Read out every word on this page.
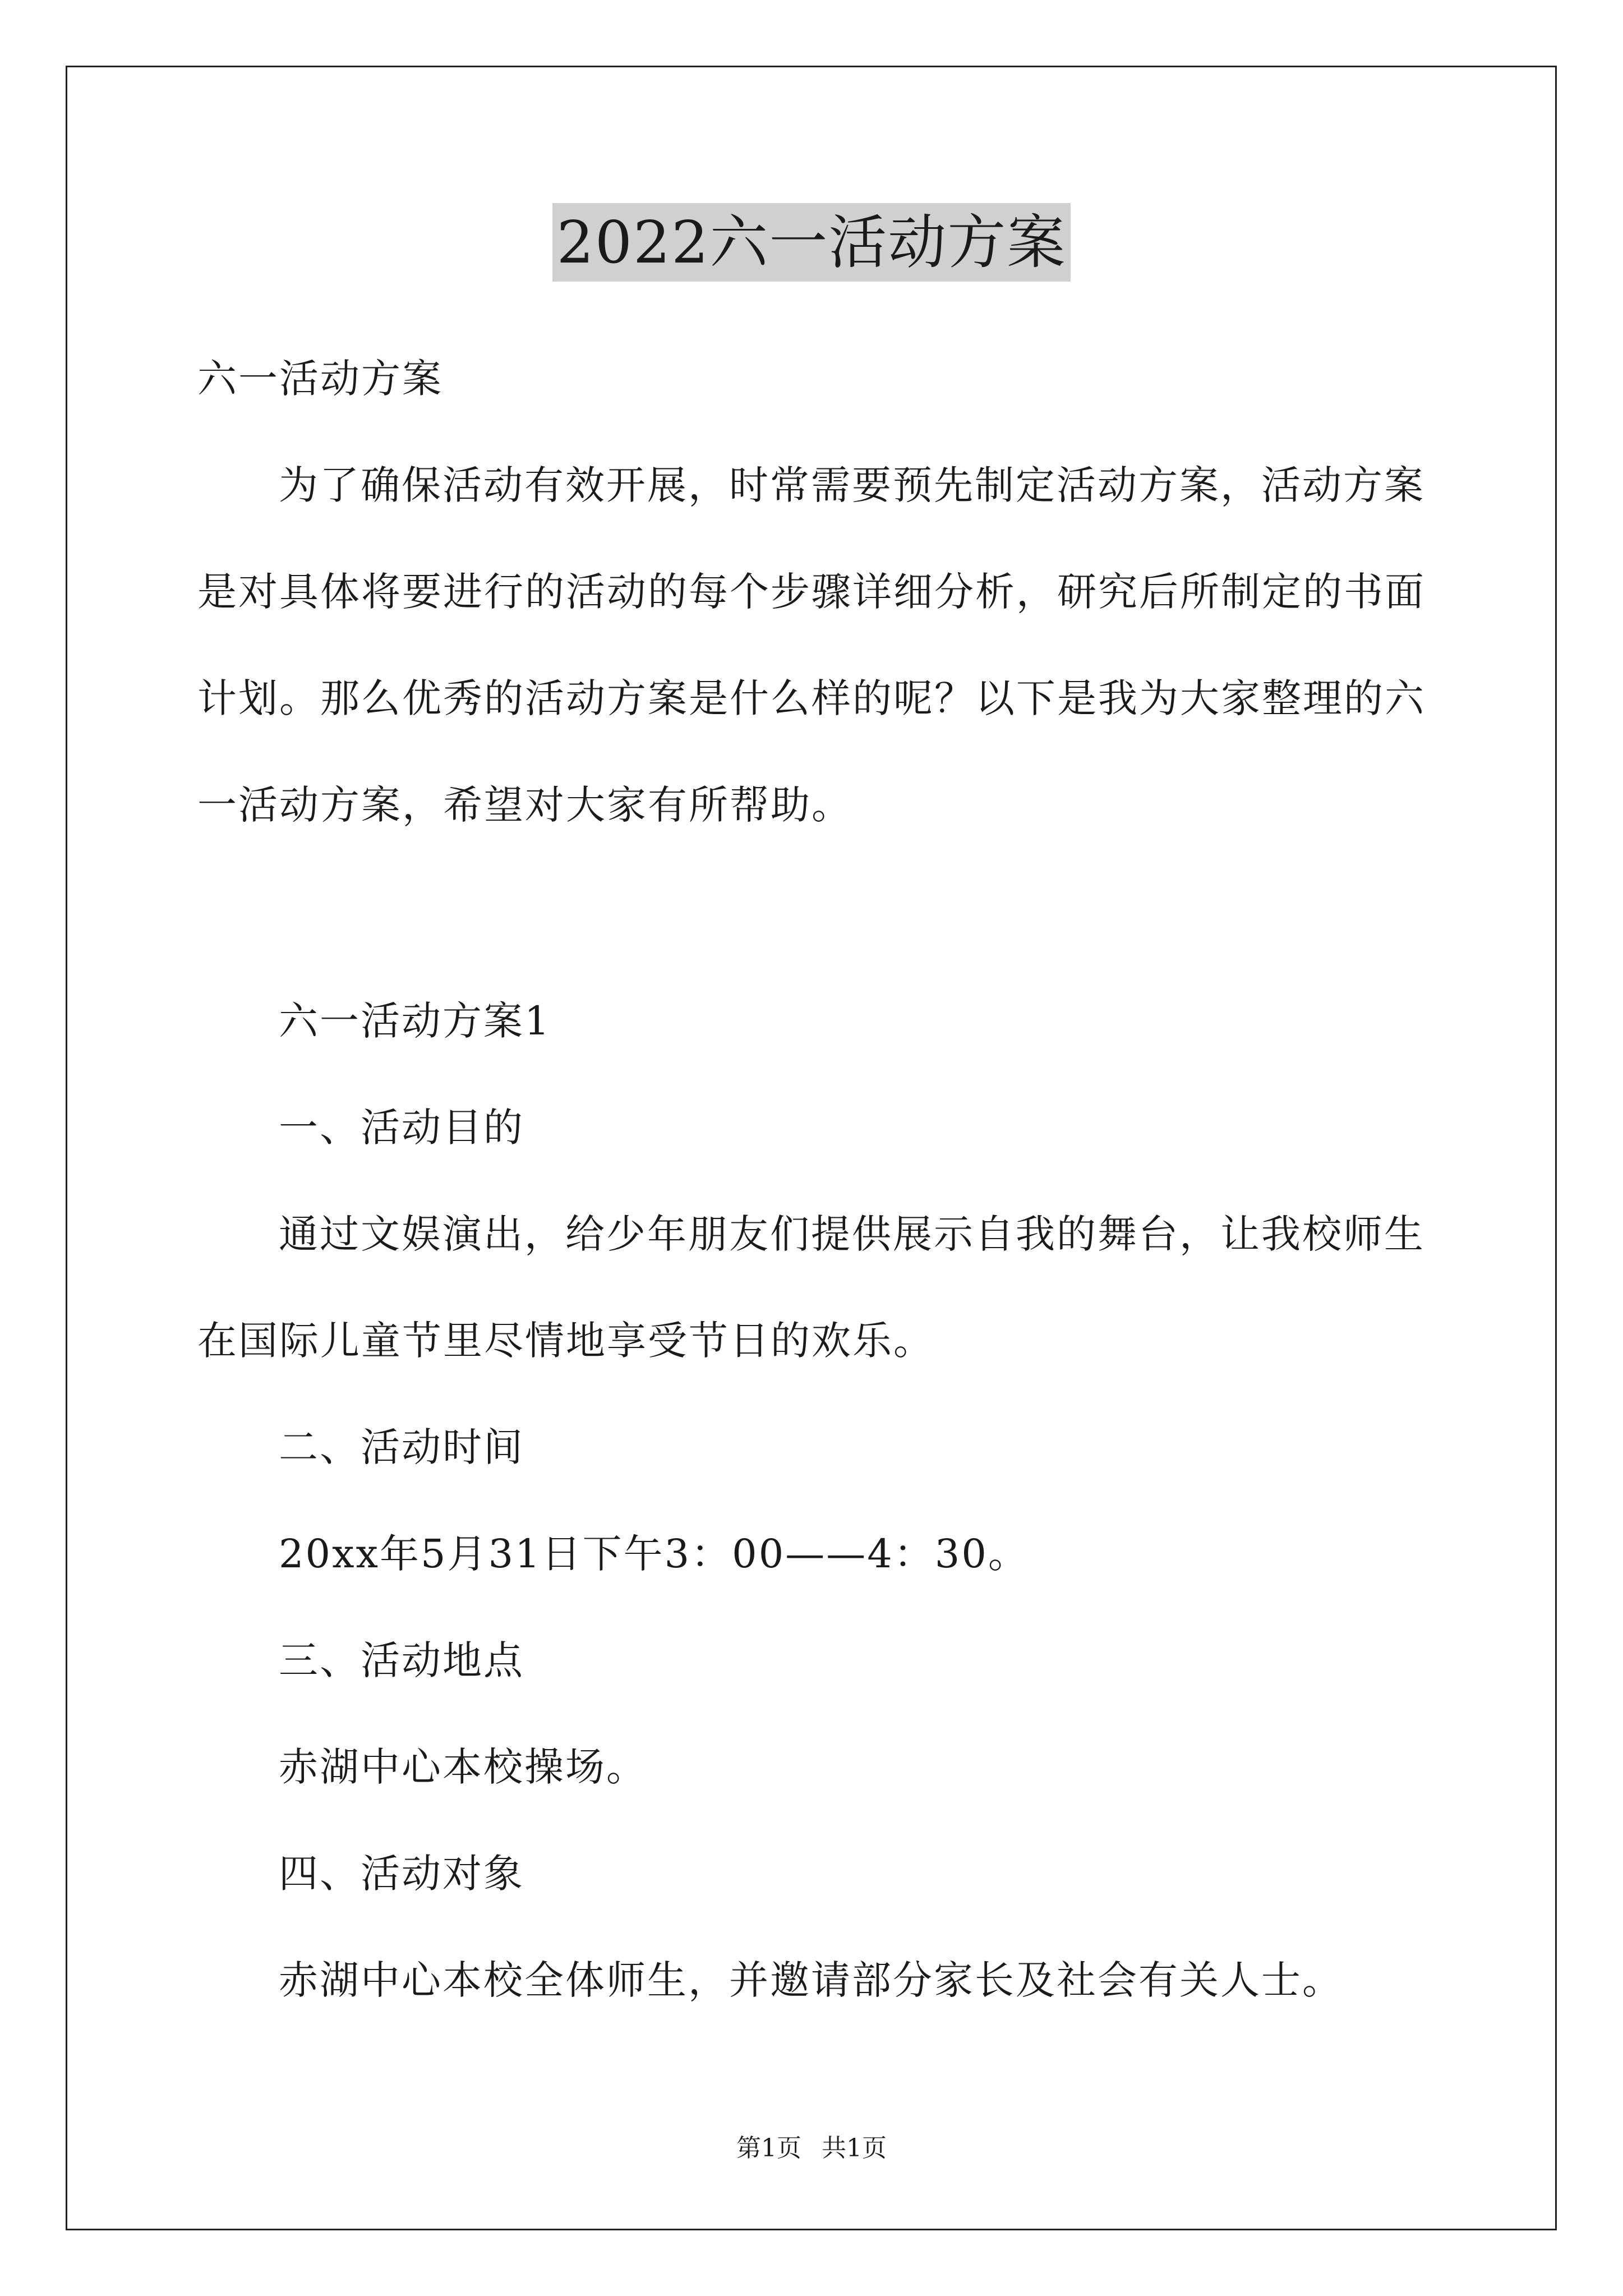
2022六一活动方案
六一活动方案
为了确保活动有效开展，时常需要预先制定活动方案，活动方案
是对具体将要进行的活动的每个步骤详细分析，研究后所制定的书面
计划。那么优秀的活动方案是什么样的呢？以下是我为大家整理的六
一活动方案，希望对大家有所帮助。
六一活动方案1
一、活动目的
通过文娱演出，给少年朋友们提供展示自我的舞台，让我校师生
在国际儿童节里尽情地享受节日的欢乐。
二、活动时间
20xx年5月31日下午3：00——4：30。
三、活动地点
赤湖中心本校操场。
四、活动对象
赤湖中心本校全体师生，并邀请部分家长及社会有关人士。
第1页 共1页
